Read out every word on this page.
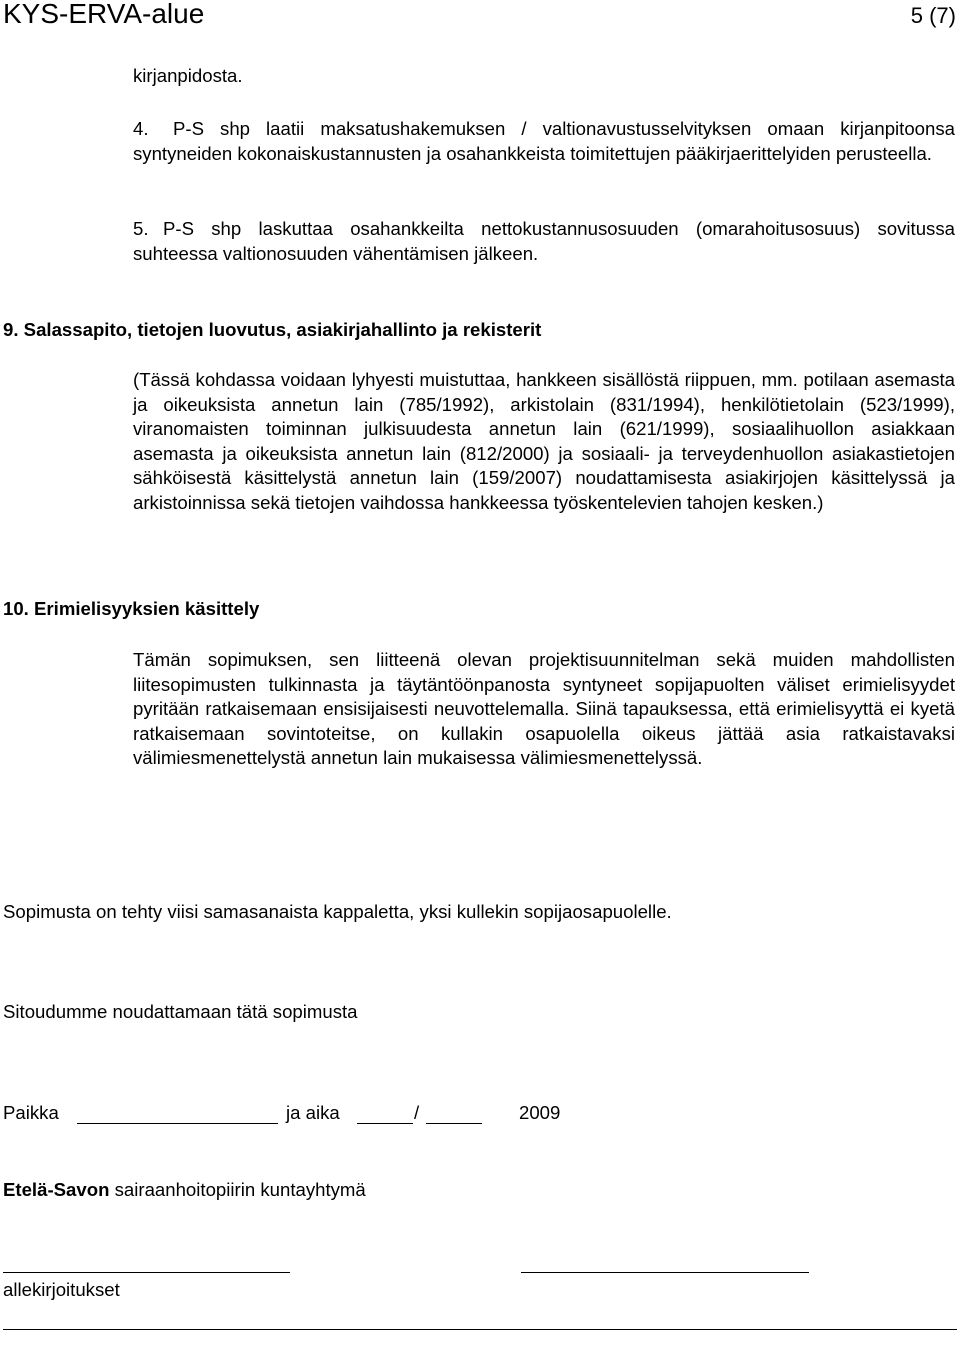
KYS-ERVA-alue	5 (7)
kirjanpidosta.
4.	P-S shp laatii maksatushakemuksen / valtionavustusselvityksen omaan kirjanpitoonsa syntyneiden kokonaiskustannusten ja osahankkeista toimitettujen pääkirjaerittelyiden perusteella.
5. P-S shp laskuttaa osahankkeilta nettokustannusosuuden (omarahoitusosuus) sovitussa suhteessa valtionosuuden vähentämisen jälkeen.
9. Salassapito, tietojen luovutus, asiakirjahallinto ja rekisterit
(Tässä kohdassa voidaan lyhyesti muistuttaa, hankkeen sisällöstä riippuen, mm. potilaan asemasta ja oikeuksista annetun lain (785/1992), arkistolain (831/1994), henkilötietolain (523/1999), viranomaisten toiminnan julkisuudesta annetun lain (621/1999), sosiaalihuollon asiakkaan asemasta ja oikeuksista annetun lain (812/2000) ja sosiaali- ja terveydenhuollon asiakastietojen sähköisestä käsittelystä annetun lain (159/2007) noudattamisesta asiakirjojen käsittelyssä ja arkistoinnissa sekä tietojen vaihdossa hankkeessa työskentelevien tahojen kesken.)
10. Erimielisyyksien käsittely
Tämän sopimuksen, sen liitteenä olevan projektisuunnitelman sekä muiden mahdollisten liitesopimusten tulkinnasta ja täytäntöönpanosta syntyneet sopijapuolten väliset erimielisyydet pyritään ratkaisemaan ensisijaisesti neuvottelemalla. Siinä tapauksessa, että erimielisyyttä ei kyetä ratkaisemaan sovintoteitse, on kullakin osapuolella oikeus jättää asia ratkaistavaksi välimiesmenettelystä annetun lain mukaisessa välimiesmenettelyssä.
Sopimusta on tehty viisi samasanaista kappaletta, yksi kullekin sopijaosapuolelle.
Sitoudumme noudattamaan tätä sopimusta
Paikka	ja aika	/	2009
Etelä-Savon sairaanhoitopiirin kuntayhtymä
allekirjoitukset
